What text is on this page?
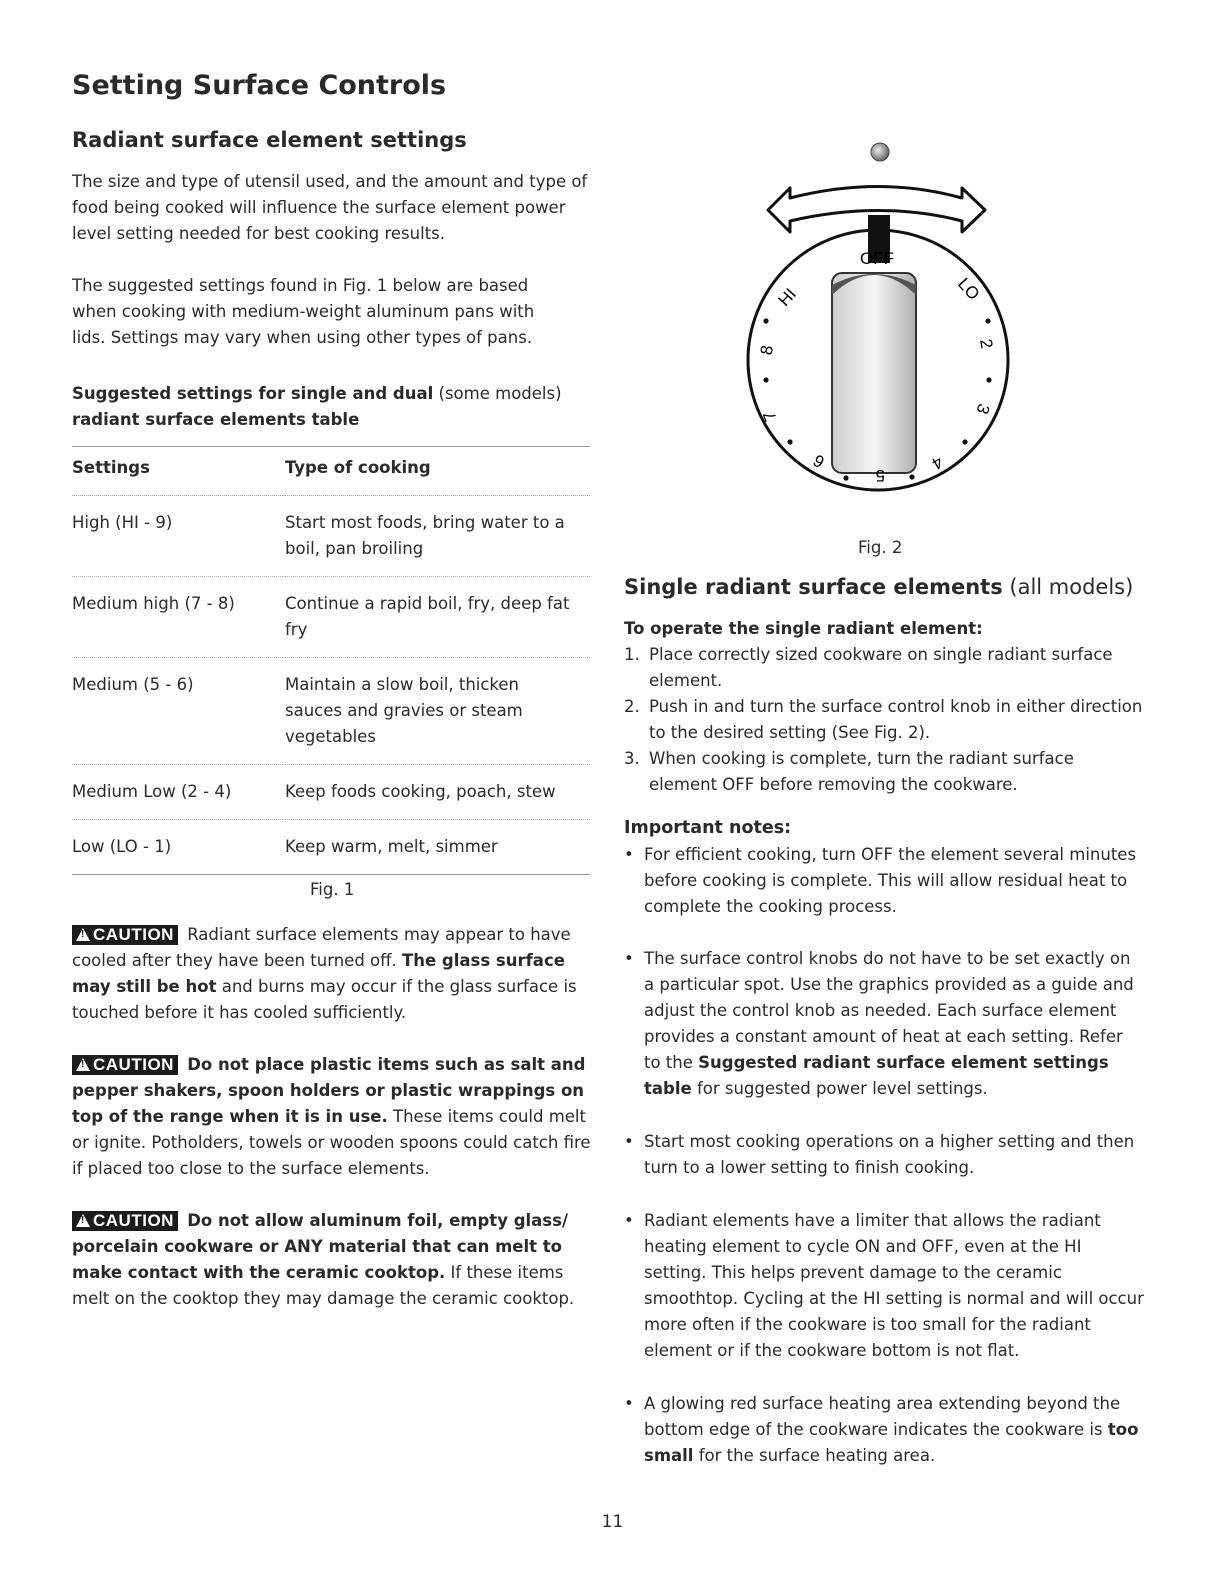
Setting Surface Controls
Radiant surface element settings
The size and type of utensil used, and the amount and type of food being cooked will influence the surface element power level setting needed for best cooking results.
The suggested settings found in Fig. 1 below are based when cooking with medium-weight aluminum pans with lids. Settings may vary when using other types of pans.
Suggested settings for single and dual (some models)
radiant surface elements table
Settings	Type of cooking
High (HI - 9)	Start most foods, bring water to a boil, pan broiling
Medium high (7 - 8)	Continue a rapid boil, fry, deep fat fry
Medium (5 - 6)	Maintain a slow boil, thicken sauces and gravies or steam vegetables
Medium Low (2 - 4)	Keep foods cooking, poach, stew
Low (LO - 1)	Keep warm, melt, simmer
Fig. 1
!CAUTION Radiant surface elements may appear to have cooled after they have been turned off. The glass surface may still be hot and burns may occur if the glass surface is touched before it has cooled sufficiently.
!CAUTION Do not place plastic items such as salt and pepper shakers, spoon holders or plastic wrappings on top of the range when it is in use. These items could melt or ignite. Potholders, towels or wooden spoons could catch fire if placed too close to the surface elements.
!CAUTION Do not allow aluminum foil, empty glass/ porcelain cookware or ANY material that can melt to make contact with the ceramic cooktop. If these items melt on the cooktop they may damage the ceramic cooktop.
OFF
HI	LO
8
2
7	3
6
5
4
Fig. 2
Single radiant surface elements (all models)
To operate the single radiant element:
1. Place correctly sized cookware on single radiant surface element.
2. Push in and turn the surface control knob in either direction to the desired setting (See Fig. 2).
3. When cooking is complete, turn the radiant surface element OFF before removing the cookware.
Important notes:
• For efficient cooking, turn OFF the element several minutes before cooking is complete. This will allow residual heat to complete the cooking process.
• The surface control knobs do not have to be set exactly on a particular spot. Use the graphics provided as a guide and adjust the control knob as needed. Each surface element provides a constant amount of heat at each setting. Refer to the Suggested radiant surface element settings table for suggested power level settings.
• Start most cooking operations on a higher setting and then turn to a lower setting to finish cooking.
• Radiant elements have a limiter that allows the radiant heating element to cycle ON and OFF, even at the HI setting. This helps prevent damage to the ceramic smoothtop. Cycling at the HI setting is normal and will occur more often if the cookware is too small for the radiant element or if the cookware bottom is not flat.
• A glowing red surface heating area extending beyond the bottom edge of the cookware indicates the cookware is too small for the surface heating area.
11
